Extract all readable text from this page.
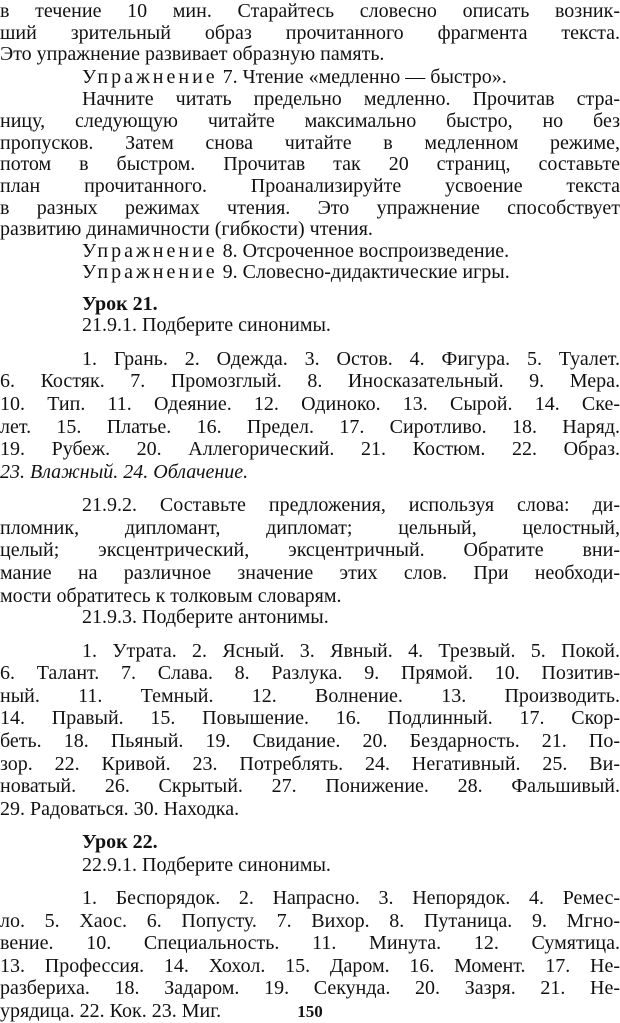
в течение 10 мин. Старайтесь словесно описать возник-

ший зрительный образ прочитанного фрагмента текста.

Это упражнение развивает образную память.

Упражнение 7. Чтение «медленно — быстро».

Начните читать предельно медленно. Прочитав стра-

ницу, следующую читайте максимально быстро, но без

пропусков. Затем снова читайте в медленном режиме,

потом в быстром. Прочитав так 20 страниц, составьте

план прочитанного. Проанализируйте усвоение текста

в разных режимах чтения. Это упражнение способствует

развитию динамичности (гибкости) чтения.

Упражнение 8. Отсроченное воспроизведение.

Упражнение 9. Словесно-дидактические игры.

Урок 21.

21.9.1. Подберите синонимы.

1. Грань. 2. Одежда. 3. Остов. 4. Фигура. 5. Туалет.

6. Костяк. 7. Промозглый. 8. Иносказательный. 9. Мера.

10. Тип. 11. Одеяние. 12. Одиноко. 13. Сырой. 14. Ске-

лет. 15. Платье. 16. Предел. 17. Сиротливо. 18. Наряд.

19. Рубеж. 20. Аллегорический. 21. Костюм. 22. Образ.

23. Влажный. 24. Облачение.

21.9.2. Составьте предложения, используя слова: ди-

пломник, дипломант, дипломат; цельный, целостный,

целый; эксцентрический, эксцентричный. Обратите вни-

мание на различное значение этих слов. При необходи-

мости обратитесь к толковым словарям.

21.9.3. Подберите антонимы.

1. Утрата. 2. Ясный. 3. Явный. 4. Трезвый. 5. Покой.

6. Талант. 7. Слава. 8. Разлука. 9. Прямой. 10. Позитив-

ный. 11. Темный. 12. Волнение. 13. Производить.

14. Правый. 15. Повышение. 16. Подлинный. 17. Скор-

беть. 18. Пьяный. 19. Свидание. 20. Бездарность. 21. По-

зор. 22. Кривой. 23. Потреблять. 24. Негативный. 25. Ви-

новатый. 26. Скрытый. 27. Понижение. 28. Фальшивый.

29. Радоваться. 30. Находка.

Урок 22.

22.9.1. Подберите синонимы.

1. Беспорядок. 2. Напрасно. 3. Непорядок. 4. Ремес-

ло. 5. Хаос. 6. Попусту. 7. Вихор. 8. Путаница. 9. Мгно-

вение. 10. Специальность. 11. Минута. 12. Сумятица.

13. Профессия. 14. Хохол. 15. Даром. 16. Момент. 17. Не-

разбериха. 18. Задаром. 19. Секунда. 20. Зазря. 21. Не-

урядица. 22. Кок. 23. Миг.	150
